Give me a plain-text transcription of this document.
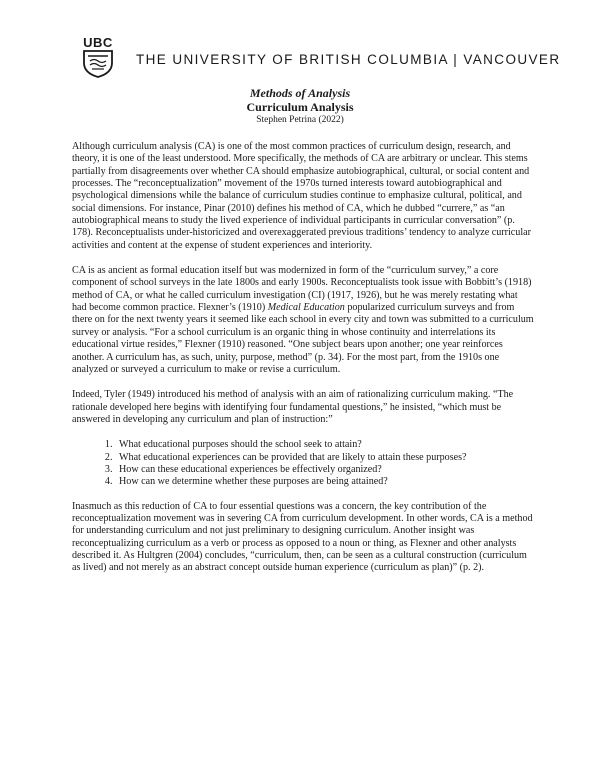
UBC
THE UNIVERSITY OF BRITISH COLUMBIA | VANCOUVER
Methods of Analysis
Curriculum Analysis
Stephen Petrina (2022)

Although curriculum analysis (CA) is one of the most common practices of curriculum design, research, and theory, it is one of the least understood. More specifically, the methods of CA are arbitrary or unclear. This stems partially from disagreements over whether CA should emphasize autobiographical, cultural, or social content and processes. The “reconceptualization” movement of the 1970s turned interests toward autobiographical and psychological dimensions while the balance of curriculum studies continue to emphasize cultural, political, and social dimensions. For instance, Pinar (2010) defines his method of CA, which he dubbed “currere,” as “an autobiographical means to study the lived experience of individual participants in curricular conversation” (p. 178). Reconceptualists under-historicized and overexaggerated previous traditions’ tendency to analyze curricular activities and content at the expense of student experiences and interiority.

CA is as ancient as formal education itself but was modernized in form of the “curriculum survey,” a core component of school surveys in the late 1800s and early 1900s. Reconceptualists took issue with Bobbitt’s (1918) method of CA, or what he called curriculum investigation (CI) (1917, 1926), but he was merely restating what had become common practice. Flexner’s (1910) Medical Education popularized curriculum surveys and from there on for the next twenty years it seemed like each school in every city and town was submitted to a curriculum survey or analysis. “For a school curriculum is an organic thing in whose continuity and interrelations its educational virtue resides,” Flexner (1910) reasoned. “One subject bears upon another; one year reinforces another. A curriculum has, as such, unity, purpose, method” (p. 34). For the most part, from the 1910s one analyzed or surveyed a curriculum to make or revise a curriculum.

Indeed, Tyler (1949) introduced his method of analysis with an aim of rationalizing curriculum making. “The rationale developed here begins with identifying four fundamental questions,” he insisted, “which must be answered in developing any curriculum and plan of instruction:”

1. What educational purposes should the school seek to attain?
2. What educational experiences can be provided that are likely to attain these purposes?
3. How can these educational experiences be effectively organized?
4. How can we determine whether these purposes are being attained?

Inasmuch as this reduction of CA to four essential questions was a concern, the key contribution of the reconceptualization movement was in severing CA from curriculum development. In other words, CA is a method for understanding curriculum and not just preliminary to designing curriculum. Another insight was reconceptualizing curriculum as a verb or process as opposed to a noun or thing, as Flexner and other analysts described it. As Hultgren (2004) concludes, “curriculum, then, can be seen as a cultural construction (curriculum as lived) and not merely as an abstract concept outside human experience (curriculum as plan)” (p. 2).
